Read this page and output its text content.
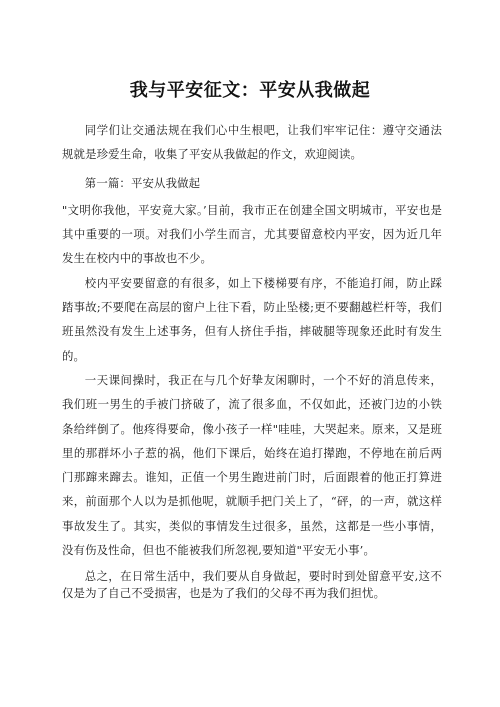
我与平安征文：平安从我做起

同学们让交通法规在我们心中生根吧，让我们牢牢记住：遵守交通法规就是珍爱生命，收集了平安从我做起的作文，欢迎阅读。

第一篇：平安从我做起

"文明你我他，平安竟大家。’目前，我市正在创建全国文明城市，平安也是其中重要的一项。对我们小学生而言，尤其要留意校内平安，因为近几年发生在校内中的事故也不少。

校内平安要留意的有很多，如上下楼梯要有序，不能追打闹，防止踩踏事故;不要爬在高层的窗户上往下看，防止坠楼;更不要翻越栏杆等，我们班虽然没有发生上述事务，但有人挤住手指，摔破腿等现象还此时有发生的。

一天课间操时，我正在与几个好挚友闲聊时，一个不好的消息传来，我们班一男生的手被门挤破了，流了很多血，不仅如此，还被门边的小铁条给绊倒了。他疼得要命，像小孩子一样"哇哇，大哭起来。原来，又是班里的那群坏小子惹的祸，他们下课后，始终在追打撵跑，不停地在前后两门那蹿来蹿去。谁知，正值一个男生跑进前门时，后面跟着的他正打算进来，前面那个人以为是抓他呢，就顺手把门关上了，“砰，的一声，就这样事故发生了。其实，类似的事情发生过很多，虽然，这都是一些小事情，没有伤及性命，但也不能被我们所忽视,要知道"平安无小事’。

总之，在日常生活中，我们要从自身做起，要时时到处留意平安,这不仅是为了自己不受损害，也是为了我们的父母不再为我们担忧。
